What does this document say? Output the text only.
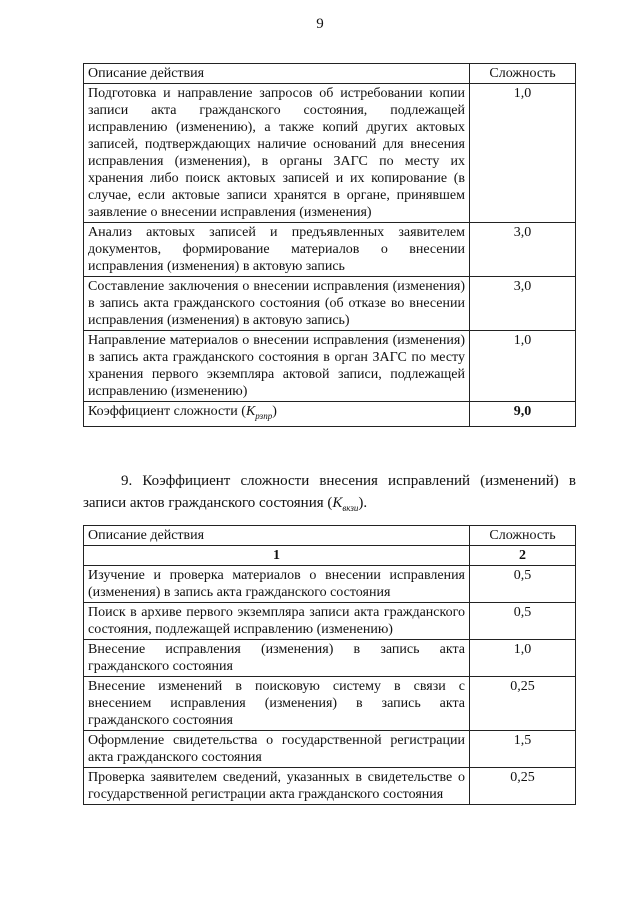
9
Описание действия	Сложность
Подготовка и направление запросов об истребовании копии записи акта гражданского состояния, подлежащей исправлению (изменению), а также копий других актовых записей, подтверждающих наличие оснований для внесения исправления (изменения), в органы ЗАГС по месту их хранения либо поиск актовых записей и их копирование (в случае, если актовые записи хранятся в органе, принявшем заявление о внесении исправления (изменения)	1,0
Анализ актовых записей и предъявленных заявителем документов, формирование материалов о внесении исправления (изменения) в актовую запись	3,0
Составление заключения о внесении исправления (изменения) в запись акта гражданского состояния (об отказе во внесении исправления (изменения) в актовую запись)	3,0
Направление материалов о внесении исправления (изменения) в запись акта гражданского состояния в орган ЗАГС по месту хранения первого экземпляра актовой записи, подлежащей исправлению (изменению)	1,0
Коэффициент сложности $(K_{рзпр})$	9,0
9. Коэффициент сложности внесения исправлений (изменений) в записи актов гражданского состояния $(K_{вкзи})$.
Описание действия	Сложность
1	2
Изучение и проверка материалов о внесении исправления (изменения) в запись акта гражданского состояния	0,5
Поиск в архиве первого экземпляра записи акта гражданского состояния, подлежащей исправлению (изменению)	0,5
Внесение исправления (изменения) в запись акта гражданского состояния	1,0
Внесение изменений в поисковую систему в связи с внесением исправления (изменения) в запись акта гражданского состояния	0,25
Оформление свидетельства о государственной регистрации акта гражданского состояния	1,5
Проверка заявителем сведений, указанных в свидетельстве о государственной регистрации акта гражданского состояния	0,25
